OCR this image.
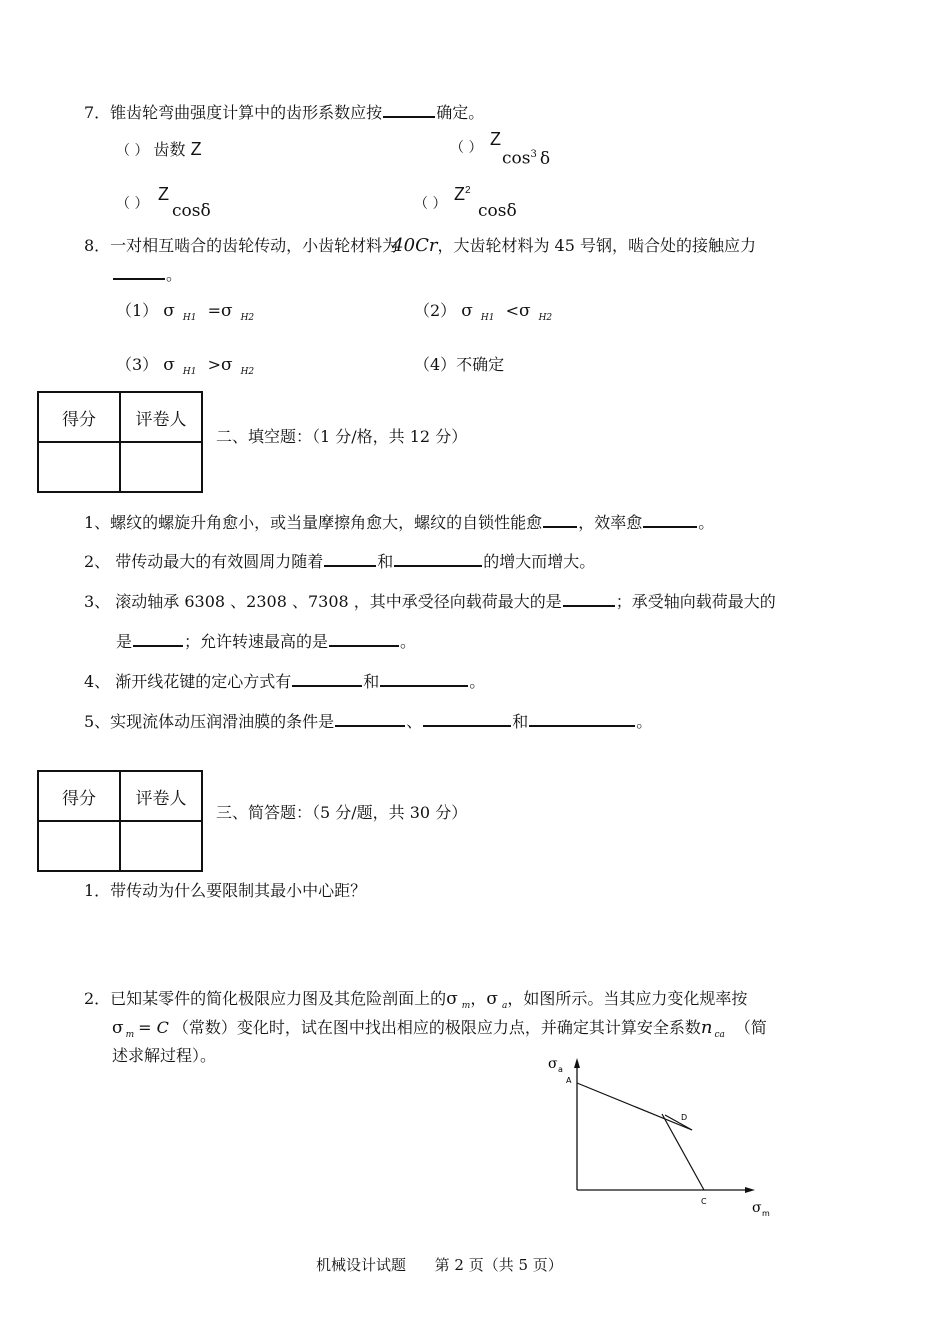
7．锥齿轮弯曲强度计算中的齿形系数应按	确定。
（ ） 齿数 Z	（ ） Z
$\cos^3 \delta$
（ ） Z
cosδ	（ ） $Z^2$
cosδ
8．一对相互啮合的齿轮传动，小齿轮材料为40Cr，大齿轮材料为 45 号钢，啮合处的接触应力
。
（1） σ $_{H1}$ =σ $_{H2}$	（2） σ $_{H1}$ <σ $_{H2}$
（3） σ $_{H1}$ >σ $_{H2}$	（4）不确定
得分	评卷人

二、填空题：（1 分/格，共 12 分）
1、螺纹的螺旋升角愈小，或当量摩擦角愈大，螺纹的自锁性能愈 ，效率愈	。
2、 带传动最大的有效圆周力随着	和	的增大而增大。
3、 滚动轴承 6308 、2308 、7308 ，其中承受径向载荷最大的是	；承受轴向载荷最大的
是	；允许转速最高的是	。
4、 渐开线花键的定心方式有	和	。
5、实现流体动压润滑油膜的条件是	、	和	。
得分	评卷人

三、简答题：（5 分/题，共 30 分）
1．带传动为什么要限制其最小中心距？
2．已知某零件的简化极限应力图及其危险剖面上的σ $_m$，σ $_a$，如图所示。当其应力变化规率按
σ $_m$ = C （常数）变化时，试在图中找出相应的极限应力点，并确定其计算安全系数n $_{ca}$ （简
述求解过程）。	σ a
σ m
A
D
C
机械设计试题      第 2 页（共 5 页）
